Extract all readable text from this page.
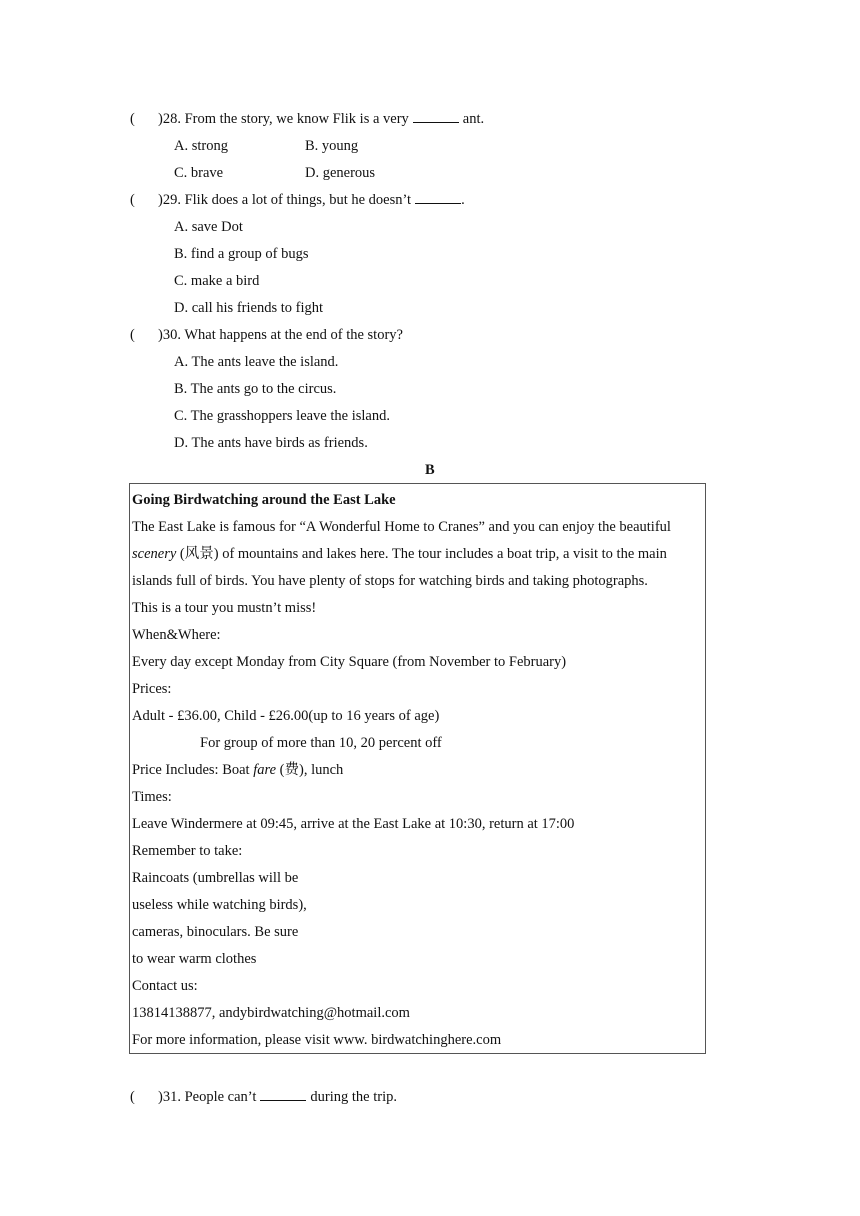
( )28. From the story, we know Flik is a very	ant.
A. strong	B. young
C. brave	D. generous
( )29. Flik does a lot of things, but he doesn’t	.
A. save Dot
B. find a group of bugs
C. make a bird
D. call his friends to fight
( )30. What happens at the end of the story?
A. The ants leave the island.
B. The ants go to the circus.
C. The grasshoppers leave the island.
D. The ants have birds as friends.
B
Going Birdwatching around the East Lake
The East Lake is famous for “A Wonderful Home to Cranes” and you can enjoy the beautiful
scenery (风景) of mountains and lakes here. The tour includes a boat trip, a visit to the main
islands full of birds. You have plenty of stops for watching birds and taking photographs.
This is a tour you mustn’t miss!
When&Where:
Every day except Monday from City Square (from November to February)
Prices:
Adult - £36.00, Child - £26.00(up to 16 years of age)
For group of more than 10, 20 percent off
Price Includes: Boat fare (费), lunch
Times:
Leave Windermere at 09:45, arrive at the East Lake at 10:30, return at 17:00
Remember to take:
Raincoats (umbrellas will be
useless while watching birds),
cameras, binoculars. Be sure
to wear warm clothes
Contact us:
13814138877, andybirdwatching@hotmail.com
For more information, please visit www. birdwatchinghere.com
( )31. People can’t	during the trip.
